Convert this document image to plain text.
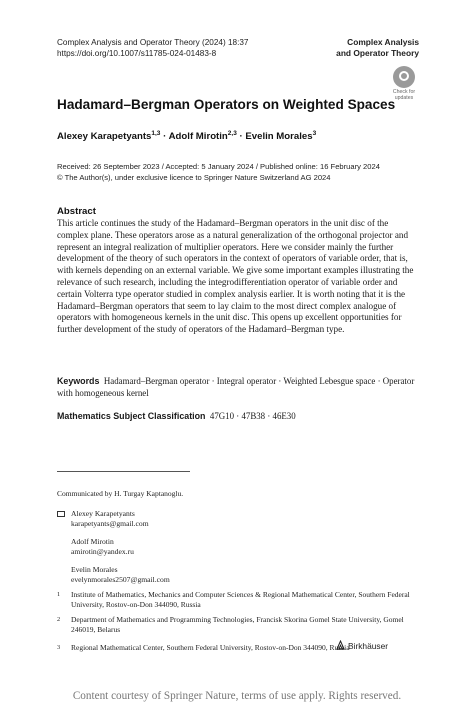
Complex Analysis and Operator Theory (2024) 18:37
https://doi.org/10.1007/s11785-024-01483-8
Complex Analysis
and Operator Theory
Check for
updates
Hadamard–Bergman Operators on Weighted Spaces
Alexey Karapetyants$^{1,3}$ · Adolf Mirotin$^{2,3}$ · Evelin Morales$^3$
Received: 26 September 2023 / Accepted: 5 January 2024 / Published online: 16 February 2024
© The Author(s), under exclusive licence to Springer Nature Switzerland AG 2024
Abstract
This article continues the study of the Hadamard–Bergman operators in the unit disc of the complex plane. These operators arose as a natural generalization of the orthogonal projector and represent an integral realization of multiplier operators. Here we consider mainly the further development of the theory of such operators in the context of operators of variable order, that is, with kernels depending on an external variable. We give some important examples illustrating the relevance of such research, including the integrodifferentiation operator of variable order and certain Volterra type operator studied in complex analysis earlier. It is worth noting that it is the Hadamard–Bergman operators that seem to lay claim to the most direct complex analogue of operators with homogeneous kernels in the unit disc. This opens up excellent opportunities for further development of the study of operators of the Hadamard–Bergman type.
Keywords Hadamard–Bergman operator · Integral operator · Weighted Lebesgue space · Operator with homogeneous kernel
Mathematics Subject Classification 47G10 · 47B38 · 46E30
Communicated by H. Turgay Kaptanoglu.
Alexey Karapetyants
karapetyants@gmail.com
Adolf Mirotin
amirotin@yandex.ru
Evelin Morales
evelynmorales2507@gmail.com
1 Institute of Mathematics, Mechanics and Computer Sciences & Regional Mathematical Center, Southern Federal University, Rostov-on-Don 344090, Russia
2 Department of Mathematics and Programming Technologies, Francisk Skorina Gomel State University, Gomel 246019, Belarus
3 Regional Mathematical Center, Southern Federal University, Rostov-on-Don 344090, Russia
Birkhäuser
Content courtesy of Springer Nature, terms of use apply. Rights reserved.
